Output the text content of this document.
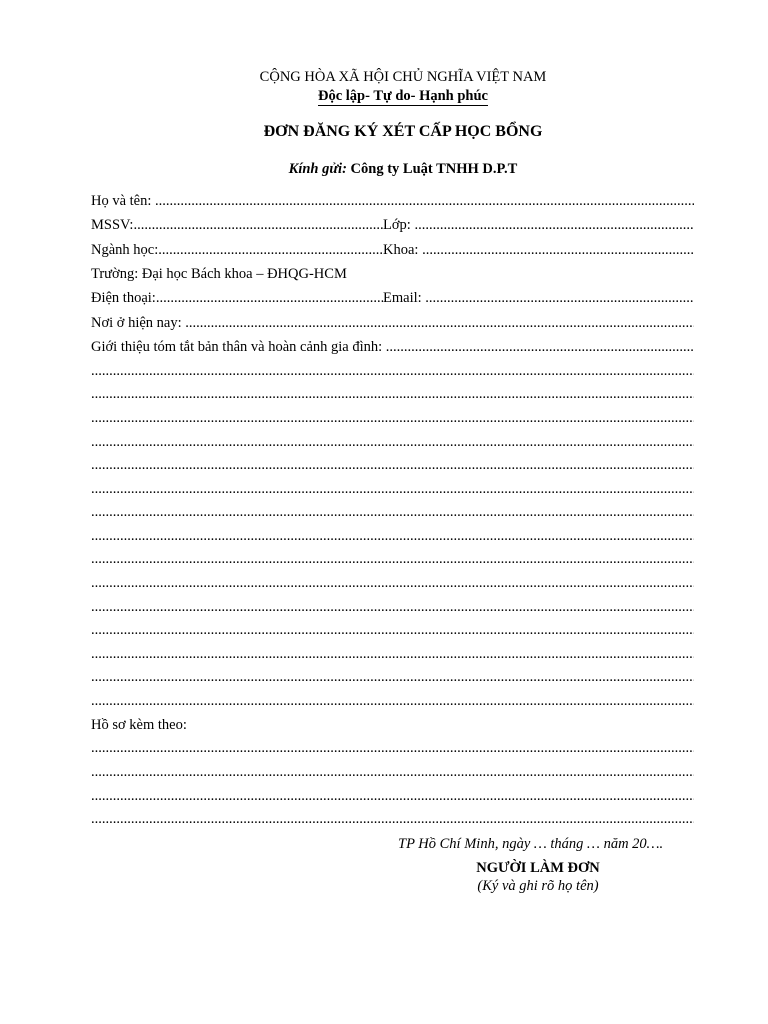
CỘNG HÒA XÃ HỘI CHỦ NGHĨA VIỆT NAM
Độc lập- Tự do- Hạnh phúc
ĐƠN ĐĂNG KÝ XÉT CẤP HỌC BỔNG
Kính gửi: Công ty Luật TNHH D.P.T
Họ và tên: .....
MSSV: .....	Lớp: .....
Ngành học: .....	Khoa: .....
Trường: Đại học Bách khoa – ĐHQG-HCM
Điện thoại: .....	Email: .....
Nơi ở hiện nay: .....
Giới thiệu tóm tắt bản thân và hoàn cảnh gia đình: .....
.....
.....
.....
.....
.....
.....
.....
.....
.....
.....
.....
.....
.....
.....
.....
Hồ sơ kèm theo:
.....
.....
.....
.....
TP Hồ Chí Minh, ngày … tháng … năm 20….
NGƯỜI LÀM ĐƠN
(Ký và ghi rõ họ tên)
